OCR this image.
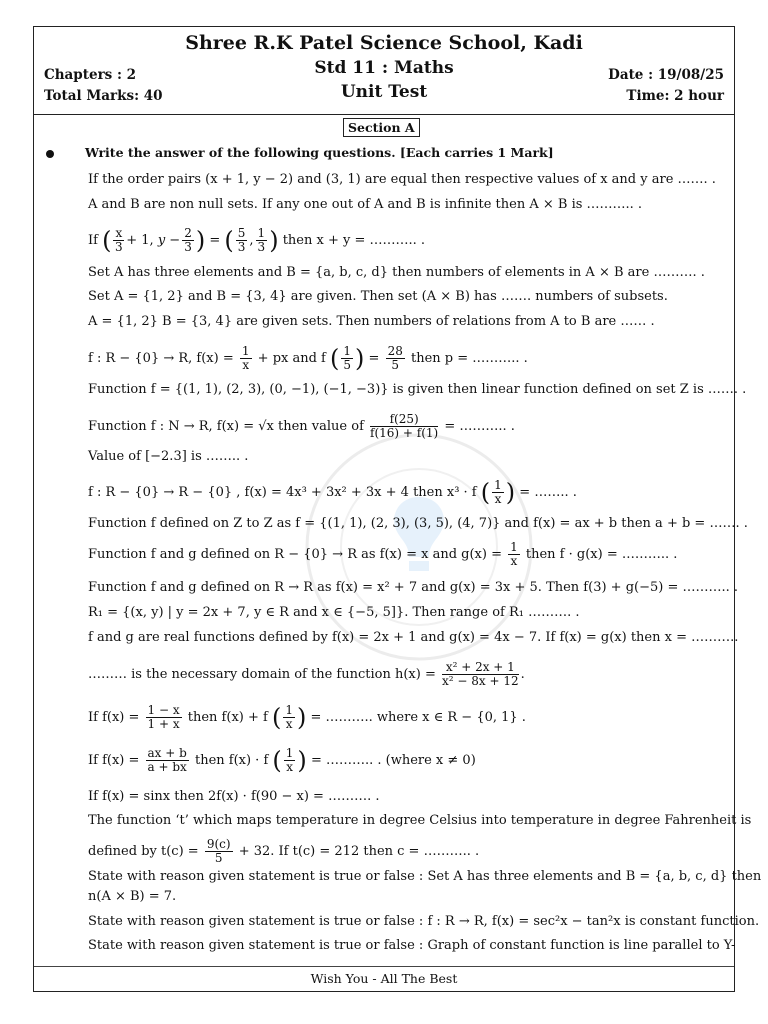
Shree R.K Patel Science School, Kadi
Std 11 : Maths
Unit Test
Chapters : 2
Total Marks: 40
Date : 19/08/25
Time: 2 hour
Section A
Write the answer of the following questions. [Each carries 1 Mark]
If the order pairs (x + 1, y − 2) and (3, 1) are equal then respective values of x and y are ……. .
A and B are non null sets. If any one out of A and B is infinite then A × B is ……….. .
If ( $\frac{x}{3} + 1$, $y - \frac{2}{3}$ ) = ( $\frac{5}{3}$ , $\frac{1}{3}$ ) then x + y = ……….. .
Set A has three elements and B = {a, b, c, d} then numbers of elements in A × B are ………. .
Set A = {1, 2} and B = {3, 4} are given. Then set (A × B) has ……. numbers of subsets.
A = {1, 2} B = {3, 4} are given sets. Then numbers of relations from A to B are …… .
f : R − {0} → R, $f(x) = \frac{1}{x}$ + px and f ( $\frac{1}{5}$ ) = $\frac{28}{5}$ then p = ……….. .
Function f = {(1, 1), (2, 3), (0, −1), (−1, −3)} is given then linear function defined on set Z is ……. .
Function f : N → R, f(x) = √x then value of $\frac{f(25)}{f(16) + f(1)}$ = ……….. .
Value of [−2.3] is …….. .
f : R − {0} → R − {0} , f(x) = 4x³ + 3x² + 3x + 4 then x³ · f ( $\frac{1}{x}$ ) = …….. .
Function f defined on Z to Z as f = {(1, 1), (2, 3), (3, 5), (4, 7)} and f(x) = ax + b then a + b = ……. .
Function f and g defined on R − {0} → R as f(x) = x and $g(x) = \frac{1}{x}$ then f · g(x) = ……….. .
Function f and g defined on R → R as f(x) = x² + 7 and g(x) = 3x + 5. Then f(3) + g(−5) = ……….. .
R₁ = {(x, y) | y = 2x + 7, y ∈ R and x ∈ {−5, 5]}. Then range of R₁ ………. .
f and g are real functions defined by f(x) = 2x + 1 and g(x) = 4x − 7. If f(x) = g(x) then x = ………..
……… is the necessary domain of the function $h(x) = \frac{\text{x² + 2x + 1}}{\text{x² − 8x + 12}}$ .
If $f(x) = \frac{1 - x}{1 + x}$ then f(x) + f ( $\frac{1}{x}$ ) = ……….. where x ∈ R − {0, 1} .
If $f(x) = \frac{ax + b}{a + bx}$ then f(x) · f ( $\frac{1}{x}$ ) = ……….. . (where x ≠ 0)
If f(x) = sinx then 2f(x) · f(90 − x) = ………. .
The function ‘t’ which maps temperature in degree Celsius into temperature in degree Fahrenheit is
defined by $t(c) = \frac{9(c)}{5} + 32$. If t(c) = 212 then c = ……….. .
State with reason given statement is true or false : Set A has three elements and B = {a, b, c, d} then
n(A × B) = 7.
State with reason given statement is true or false : f : R → R, f(x) = sec²x − tan²x is constant function.
State with reason given statement is true or false : Graph of constant function is line parallel to Y-
Wish You - All The Best
